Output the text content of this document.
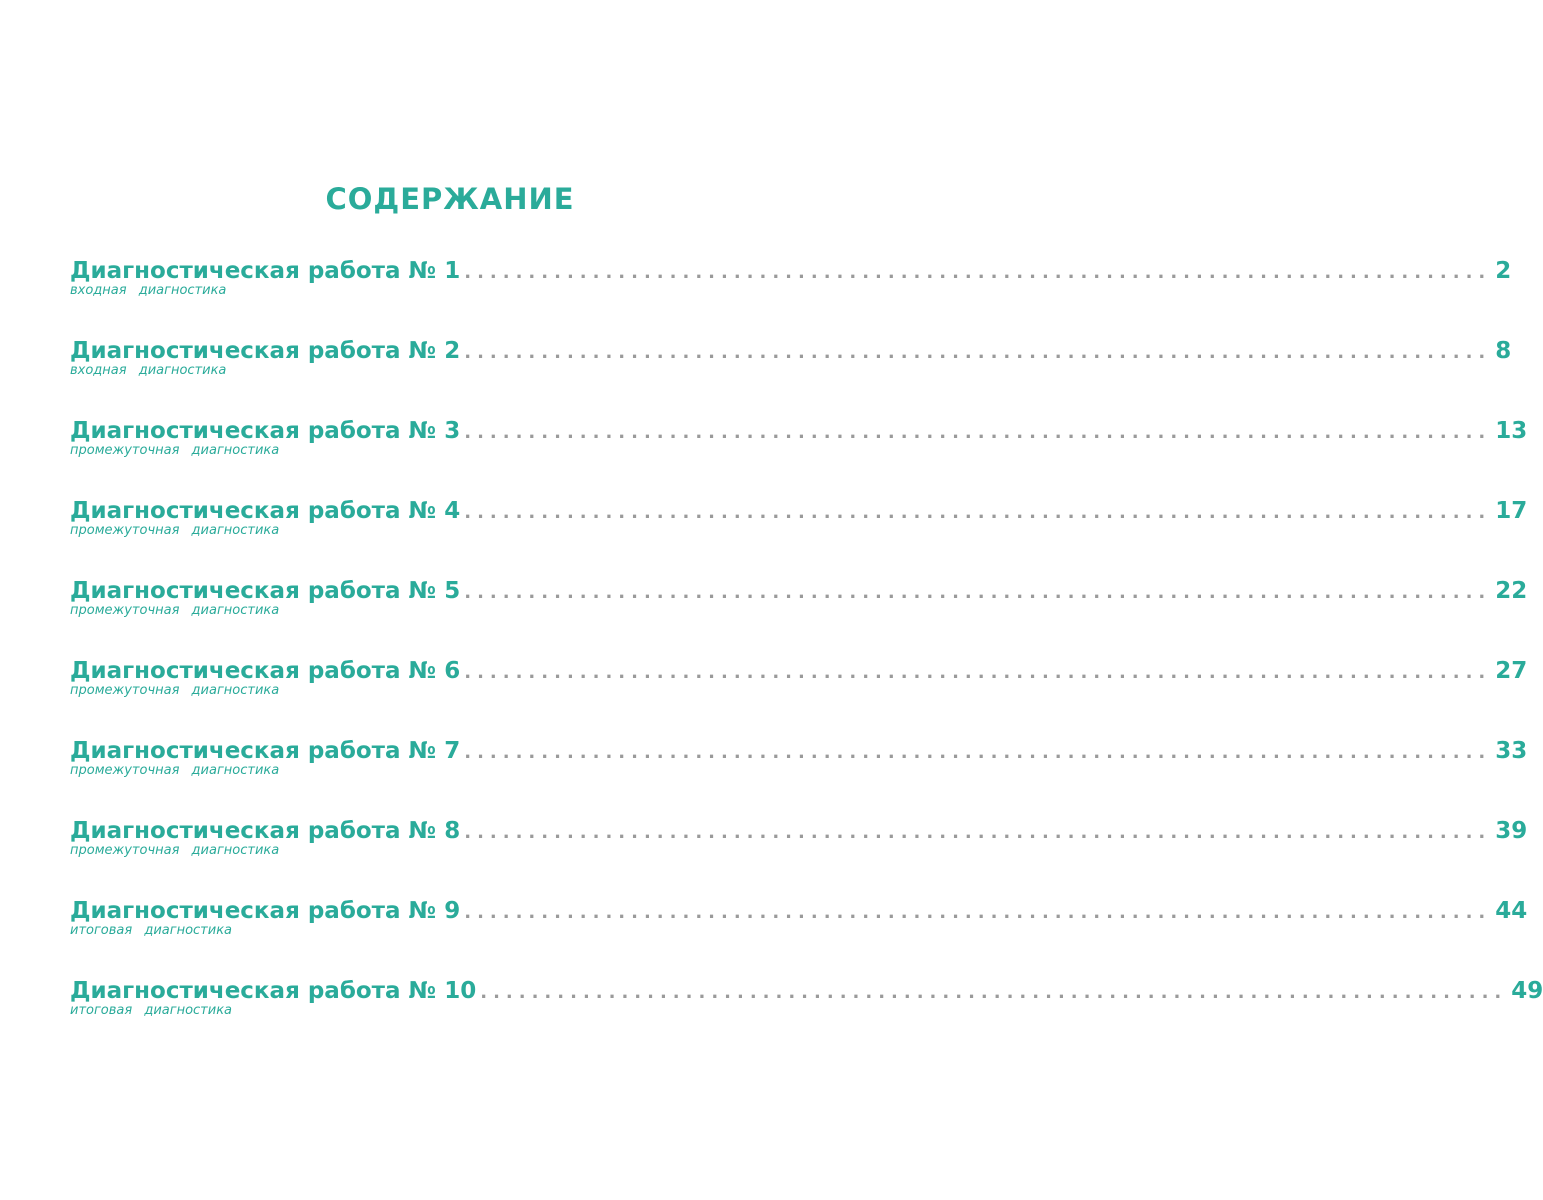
СОДЕРЖАНИЕ
Диагностическая работа № 1 ................................................................................ 2
входная диагностика
Диагностическая работа № 2 ................................................................................ 8
входная диагностика
Диагностическая работа № 3 ................................................................................ 13
промежуточная диагностика
Диагностическая работа № 4 ................................................................................ 17
промежуточная диагностика
Диагностическая работа № 5 ................................................................................ 22
промежуточная диагностика
Диагностическая работа № 6 ................................................................................ 27
промежуточная диагностика
Диагностическая работа № 7 ................................................................................ 33
промежуточная диагностика
Диагностическая работа № 8 ................................................................................ 39
промежуточная диагностика
Диагностическая работа № 9 ................................................................................ 44
итоговая диагностика
Диагностическая работа № 10 ................................................................................ 49
итоговая диагностика
